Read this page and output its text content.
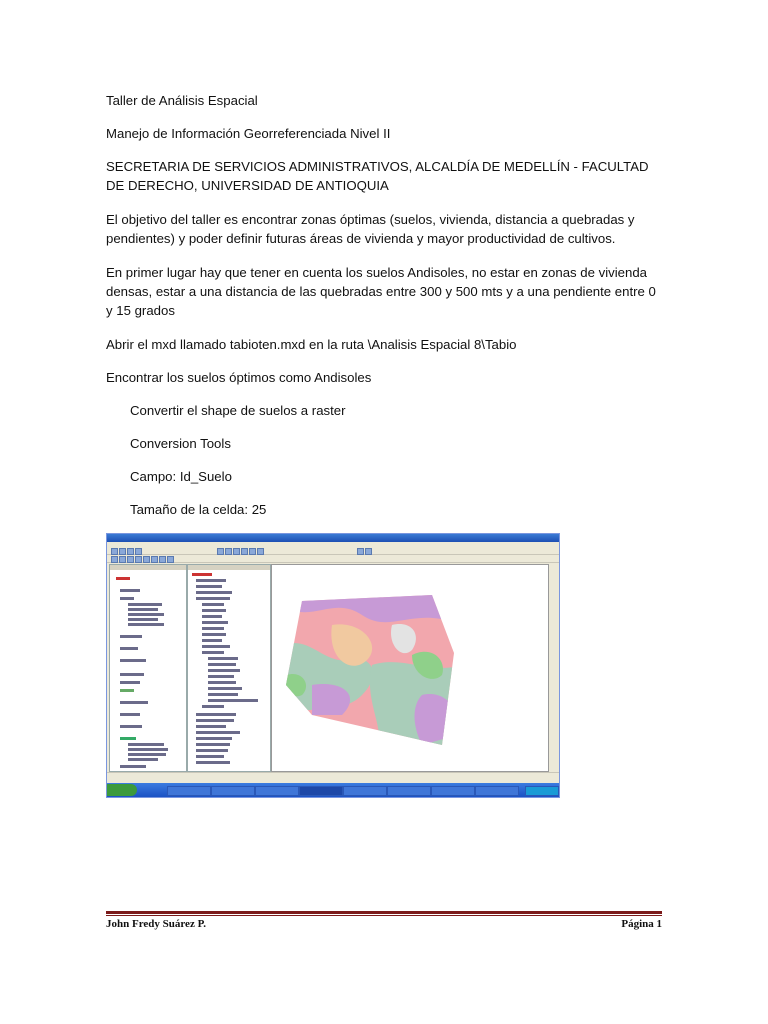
Taller de Análisis Espacial

Manejo de Información Georreferenciada Nivel II

SECRETARIA DE SERVICIOS ADMINISTRATIVOS, ALCALDÍA DE MEDELLÍN - FACULTAD DE DERECHO, UNIVERSIDAD DE ANTIOQUIA

El objetivo del taller es encontrar zonas óptimas (suelos, vivienda, distancia a quebradas y pendientes) y poder definir futuras áreas de vivienda y mayor productividad de cultivos.

En primer lugar hay que tener en cuenta los suelos Andisoles, no estar en zonas de vivienda densas, estar a una distancia de las quebradas entre 300 y 500 mts y a una pendiente entre 0 y 15 grados

Abrir el mxd llamado tabioten.mxd en la ruta \Analisis Espacial 8\Tabio

Encontrar los suelos óptimos como Andisoles

Convertir el shape de suelos a raster

Conversion Tools

Campo: Id_Suelo

Tamaño de la celda: 25

John Fredy Suárez P.	Página 1
